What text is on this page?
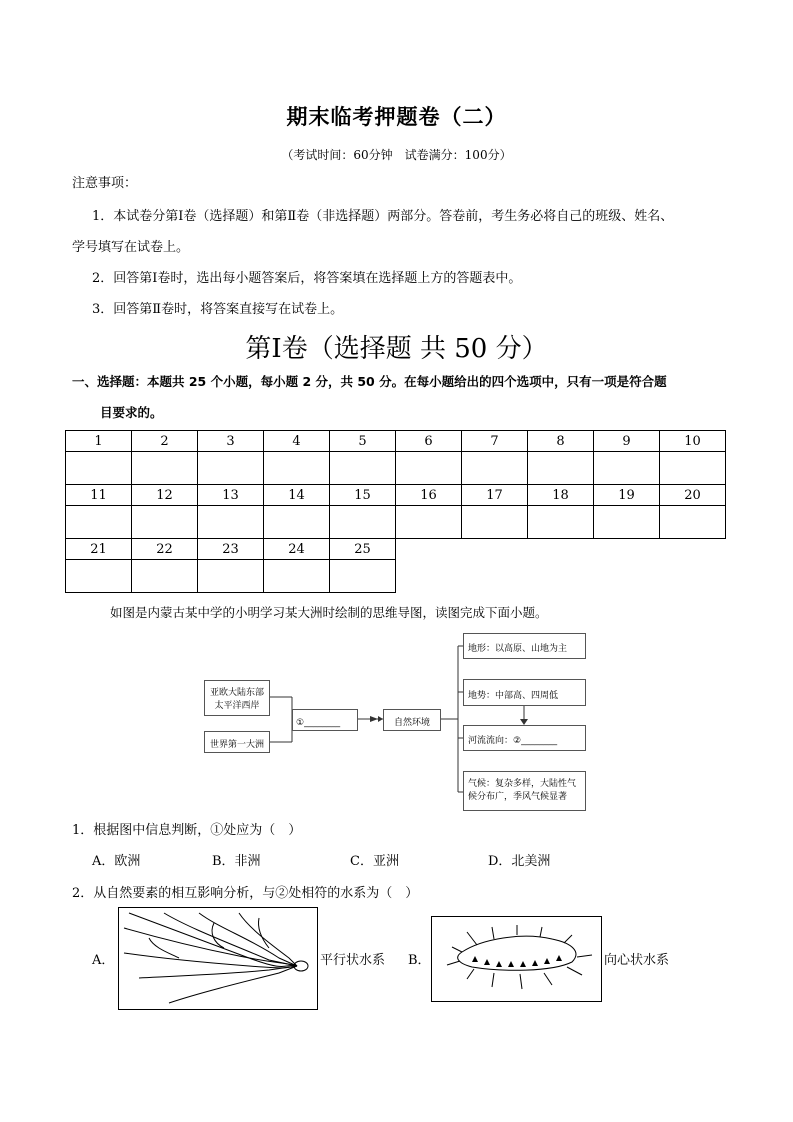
期末临考押题卷（二）
（考试时间：60分钟　试卷满分：100分）
注意事项：
1．本试卷分第Ⅰ卷（选择题）和第Ⅱ卷（非选择题）两部分。答卷前，考生务必将自己的班级、姓名、
学号填写在试卷上。
2．回答第Ⅰ卷时，选出每小题答案后，将答案填在选择题上方的答题表中。
3．回答第Ⅱ卷时，将答案直接写在试卷上。
第Ⅰ卷（选择题 共 50 分）
一、选择题：本题共 25 个小题，每小题 2 分，共 50 分。在每小题给出的四个选项中，只有一项是符合题
目要求的。
1	2	3	4	5	6	7	8	9	10

11	12	13	14	15	16	17	18	19	20

21	22	23	24	25					

如图是内蒙古某中学的小明学习某大洲时绘制的思维导图，读图完成下面小题。
亚欧大陆东部
太平洋西岸
世界第一大洲
①________	自然环境
地形：以高原、山地为主
地势：中部高、四周低
河流流向：②________
气候：复杂多样，大陆性气
候分布广，季风气候显著
1．根据图中信息判断，①处应为（　）
A．欧洲	B．非洲	C．亚洲	D．北美洲
2．从自然要素的相互影响分析，与②处相符的水系为（　）
A．	平行状水系 B．	向心状水系
